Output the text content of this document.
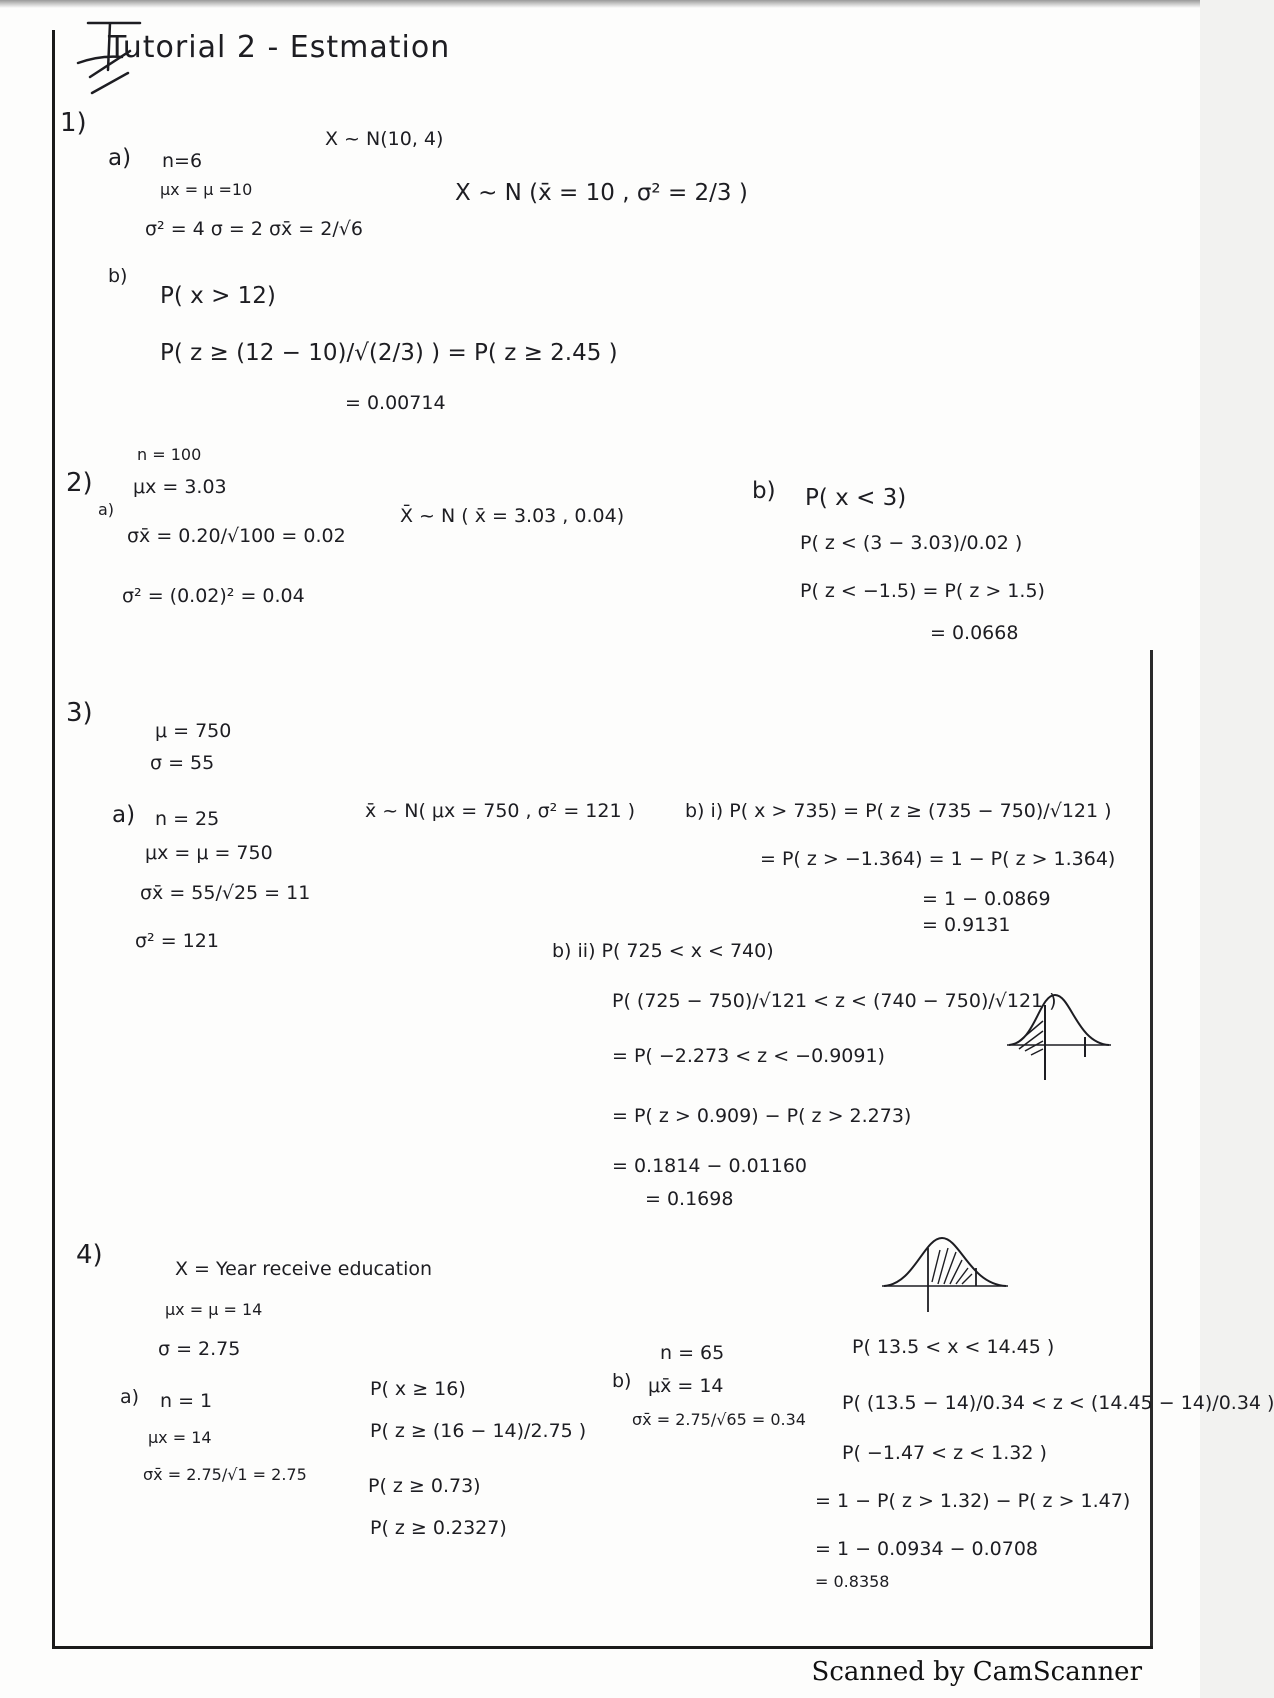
Tutorial 2 - Estmation
1)
a) n=6
μx = μ =10
σ² = 4 σ = 2 σx̄ = 2/√6
X ~ N(10, 4)
X ~ N (x̄ = 10 , σ² = 2/3 )
b)
P( x > 12)
P( z ≥ (12 − 10)/√(2/3) ) = P( z ≥ 2.45 )
= 0.00714
n = 100
2) μx = 3.03
a)
σx̄ = 0.20/√100 = 0.02
σ² = (0.02)² = 0.04
X̄ ~ N ( x̄ = 3.03 , 0.04)
b) P( x < 3)
P( z < (3 − 3.03)/0.02 )
P( z < −1.5) = P( z > 1.5)
= 0.0668
3)
μ = 750
σ = 55
a) n = 25
μx = μ = 750
σx̄ = 55/√25 = 11
σ² = 121
x̄ ~ N( μx = 750 , σ² = 121 )	b) i) P( x > 735) = P( z ≥ (735 − 750)/√121 )
= P( z > −1.364) = 1 − P( z > 1.364)
= 1 − 0.0869
= 0.9131
b) ii) P( 725 < x < 740)
P( (725 − 750)/√121 < z < (740 − 750)/√121 )
= P( −2.273 < z < −0.9091)
= P( z > 0.909) − P( z > 2.273)
= 0.1814 − 0.01160
= 0.1698
4)	X = Year receive education
μx = μ = 14
σ = 2.75
a) n = 1
μx = 14
σx̄ = 2.75/√1 = 2.75
P( x ≥ 16)
P( z ≥ (16 − 14)/2.75 )
P( z ≥ 0.73)
P( z ≥ 0.2327)
n = 65
b) μx̄ = 14
σx̄ = 2.75/√65 = 0.34
P( 13.5 < x < 14.45 )
P( (13.5 − 14)/0.34 < z < (14.45 − 14)/0.34 )
P( −1.47 < z < 1.32 )
= 1 − P( z > 1.32) − P( z > 1.47)
= 1 − 0.0934 − 0.0708
= 0.8358
Scanned by CamScanner
